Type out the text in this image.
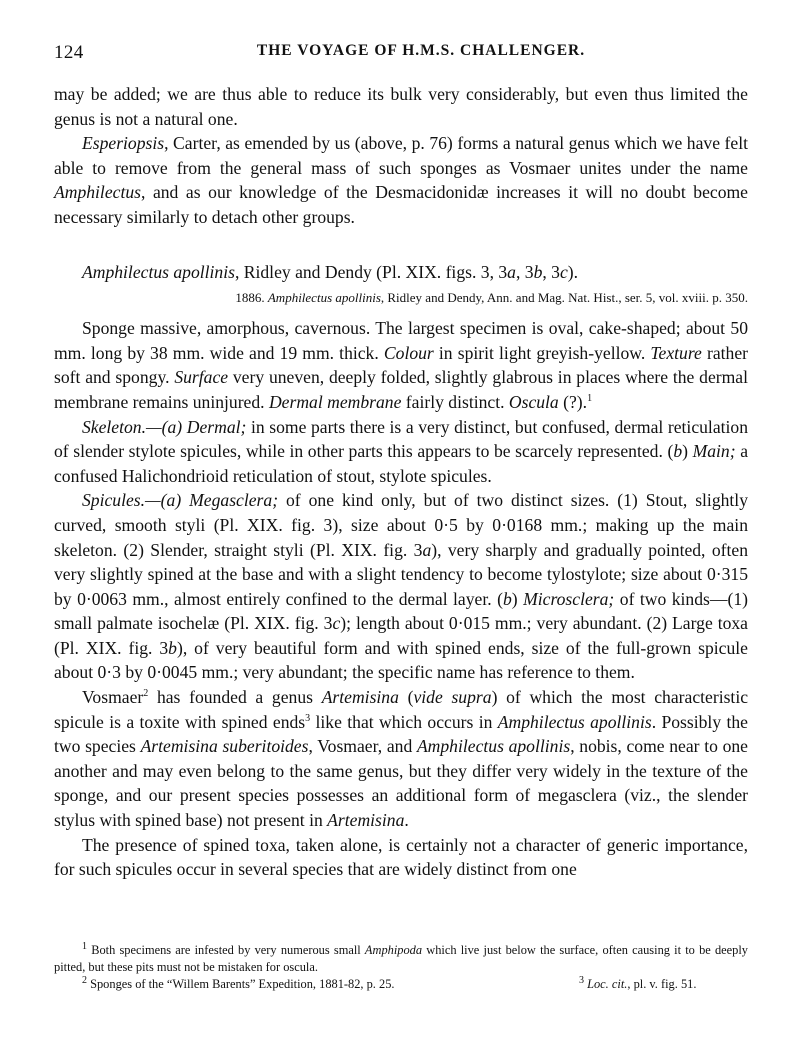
124	THE VOYAGE OF H.M.S. CHALLENGER.

may be added; we are thus able to reduce its bulk very considerably, but even thus limited the genus is not a natural one.

Esperiopsis, Carter, as emended by us (above, p. 76) forms a natural genus which we have felt able to remove from the general mass of such sponges as Vosmaer unites under the name Amphilectus, and as our knowledge of the Desmacidonidæ increases it will no doubt become necessary similarly to detach other groups.

Amphilectus apollinis, Ridley and Dendy (Pl. XIX. figs. 3, 3a, 3b, 3c).

1886. Amphilectus apollinis, Ridley and Dendy, Ann. and Mag. Nat. Hist., ser. 5, vol. xviii. p. 350.

Sponge massive, amorphous, cavernous. The largest specimen is oval, cake-shaped; about 50 mm. long by 38 mm. wide and 19 mm. thick. Colour in spirit light greyish-yellow. Texture rather soft and spongy. Surface very uneven, deeply folded, slightly glabrous in places where the dermal membrane remains uninjured. Dermal membrane fairly distinct. Oscula (?).$^1$

Skeleton.—(a) Dermal; in some parts there is a very distinct, but confused, dermal reticulation of slender stylote spicules, while in other parts this appears to be scarcely represented. (b) Main; a confused Halichondrioid reticulation of stout, stylote spicules.

Spicules.—(a) Megasclera; of one kind only, but of two distinct sizes. (1) Stout, slightly curved, smooth styli (Pl. XIX. fig. 3), size about 0·5 by 0·0168 mm.; making up the main skeleton. (2) Slender, straight styli (Pl. XIX. fig. 3a), very sharply and gradually pointed, often very slightly spined at the base and with a slight tendency to become tylostylote; size about 0·315 by 0·0063 mm., almost entirely confined to the dermal layer. (b) Microsclera; of two kinds—(1) small palmate isochelæ (Pl. XIX. fig. 3c); length about 0·015 mm.; very abundant. (2) Large toxa (Pl. XIX. fig. 3b), of very beautiful form and with spined ends, size of the full-grown spicule about 0·3 by 0·0045 mm.; very abundant; the specific name has reference to them.

Vosmaer$^2$ has founded a genus Artemisina (vide supra) of which the most characteristic spicule is a toxite with spined ends$^3$ like that which occurs in Amphilectus apollinis. Possibly the two species Artemisina suberitoides, Vosmaer, and Amphilectus apollinis, nobis, come near to one another and may even belong to the same genus, but they differ very widely in the texture of the sponge, and our present species possesses an additional form of megasclera (viz., the slender stylus with spined base) not present in Artemisina.

The presence of spined toxa, taken alone, is certainly not a character of generic importance, for such spicules occur in several species that are widely distinct from one

$^1$ Both specimens are infested by very numerous small Amphipoda which live just below the surface, often causing it to be deeply pitted, but these pits must not be mistaken for oscula.

$^2$ Sponges of the “Willem Barents” Expedition, 1881-82, p. 25.	$^3$ Loc. cit., pl. v. fig. 51.
